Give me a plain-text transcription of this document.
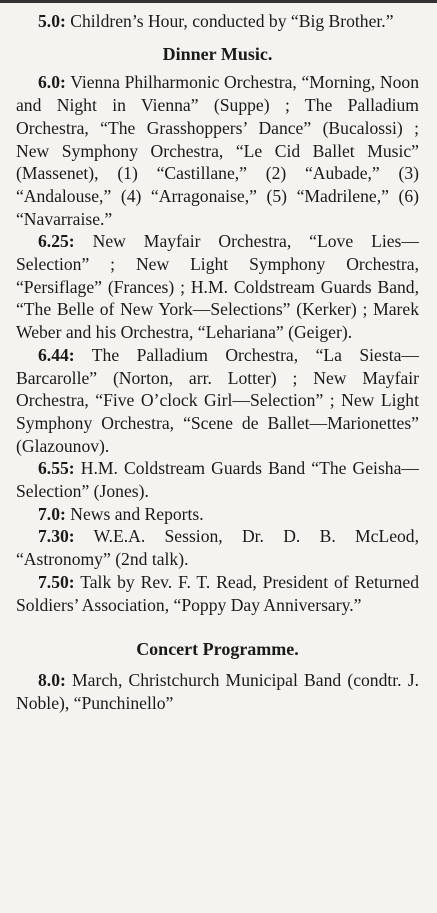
5.0: Children’s Hour, conducted by “Big Brother.”

Dinner Music.

6.0: Vienna Philharmonic Orchestra, “Morning, Noon and Night in Vienna” (Suppe) ; The Palladium Orchestra, “The Grasshoppers’ Dance” (Bucalossi) ; New Symphony Orchestra, “Le Cid Ballet Music” (Massenet), (1) “Castillane,” (2) “Aubade,” (3) “Andalouse,” (4) “Arragonaise,” (5) “Madrilene,” (6) “Navarraise.”

6.25: New Mayfair Orchestra, “Love Lies—Selection” ; New Light Symphony Orchestra, “Persiflage” (Frances) ; H.M. Coldstream Guards Band, “The Belle of New York—Selections” (Kerker) ; Marek Weber and his Orchestra, “Lehariana” (Geiger).

6.44: The Palladium Orchestra, “La Siesta—Barcarolle” (Norton, arr. Lotter) ; New Mayfair Orchestra, “Five O’clock Girl—Selection” ; New Light Symphony Orchestra, “Scene de Ballet—Marionettes” (Glazounov).

6.55: H.M. Coldstream Guards Band “The Geisha—Selection” (Jones).

7.0: News and Reports.

7.30: W.E.A. Session, Dr. D. B. McLeod, “Astronomy” (2nd talk).

7.50: Talk by Rev. F. T. Read, President of Returned Soldiers’ Association, “Poppy Day Anniversary.”

Concert Programme.

8.0: March, Christchurch Municipal Band (condtr. J. Noble), “Punchinello”
